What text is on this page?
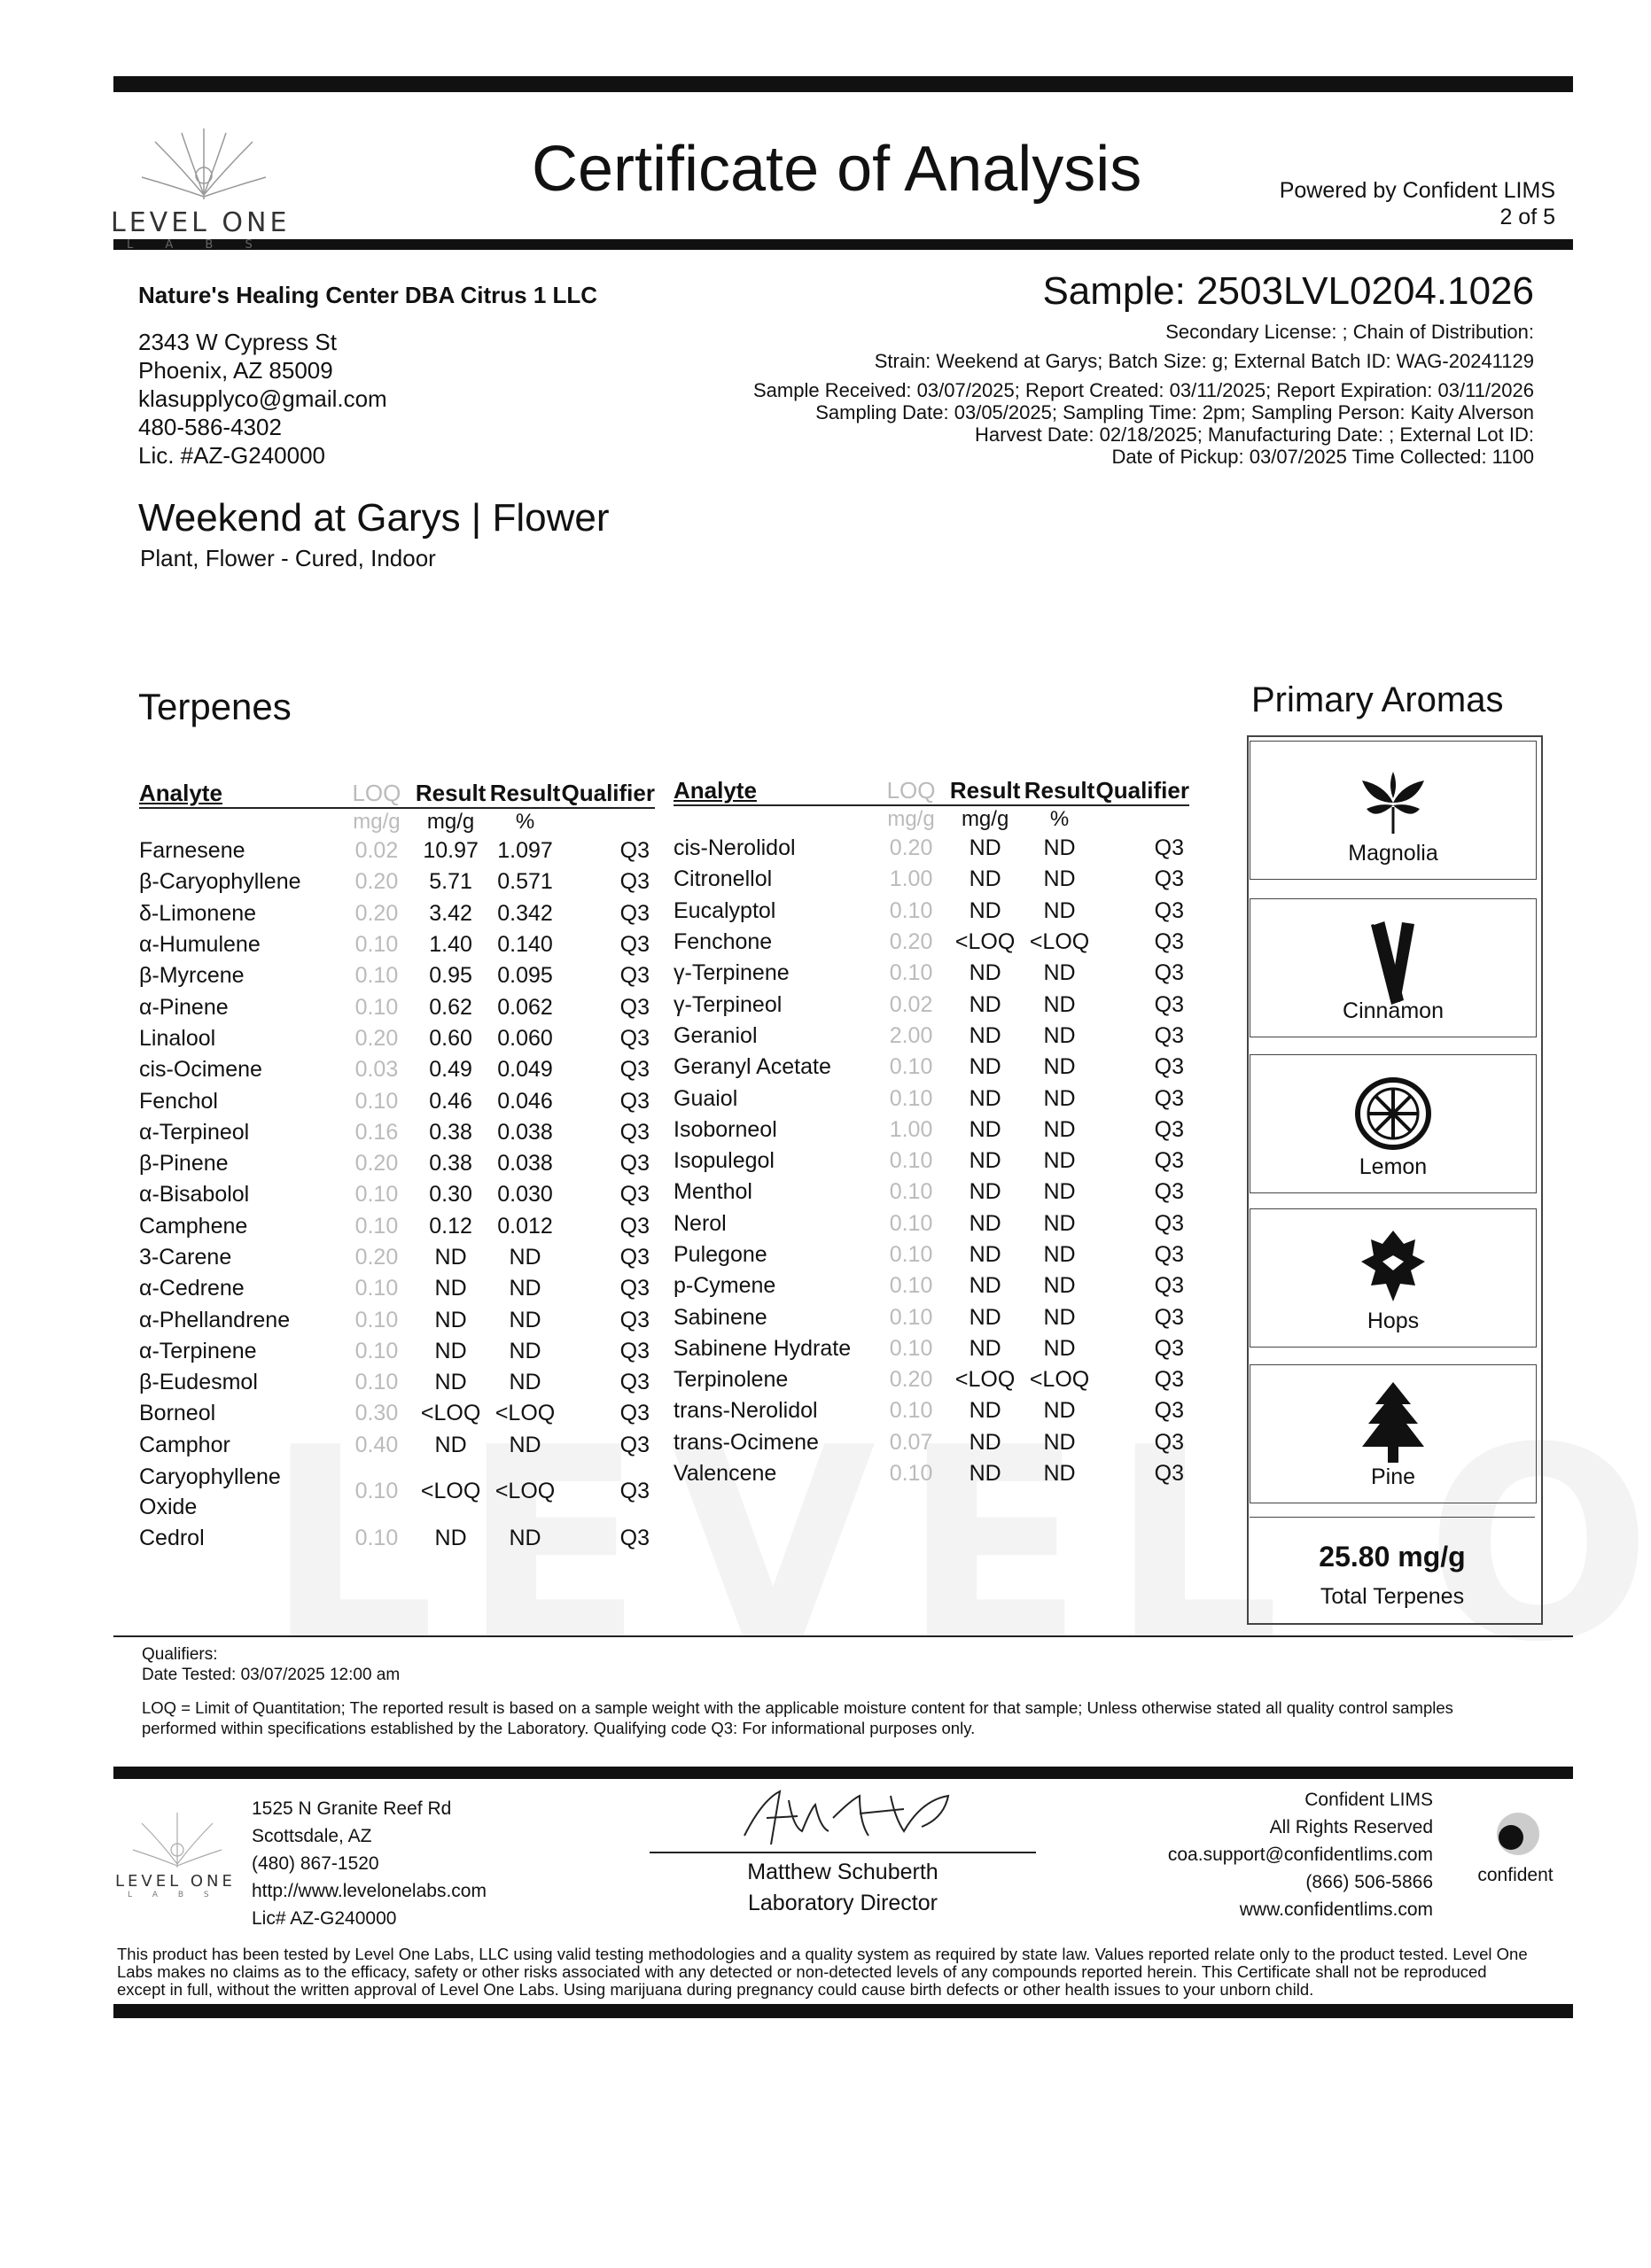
LEVEL ONE
L A B S
Certificate of Analysis	Powered by Confident LIMS
2 of 5
Nature's Healing Center DBA Citrus 1 LLC
2343 W Cypress St
Phoenix, AZ 85009
klasupplyco@gmail.com
480-586-4302
Lic. #AZ-G240000
Sample: 2503LVL0204.1026
Secondary License: ; Chain of Distribution:
Strain: Weekend at Garys; Batch Size: g; External Batch ID: WAG-20241129
Sample Received: 03/07/2025; Report Created: 03/11/2025; Report Expiration: 03/11/2026
Sampling Date: 03/05/2025; Sampling Time: 2pm; Sampling Person: Kaity Alverson
Harvest Date: 02/18/2025; Manufacturing Date: ; External Lot ID:
Date of Pickup: 03/07/2025 Time Collected: 1100
Weekend at Garys | Flower
Plant, Flower - Cured, Indoor
Terpenes	Primary Aromas
Analyte	LOQ	Result	Result	Qualifier
	mg/g	mg/g	%	
Farnesene	0.02	10.97	1.097	Q3
β-Caryophyllene	0.20	5.71	0.571	Q3
δ-Limonene	0.20	3.42	0.342	Q3
α-Humulene	0.10	1.40	0.140	Q3
β-Myrcene	0.10	0.95	0.095	Q3
α-Pinene	0.10	0.62	0.062	Q3
Linalool	0.20	0.60	0.060	Q3
cis-Ocimene	0.03	0.49	0.049	Q3
Fenchol	0.10	0.46	0.046	Q3
α-Terpineol	0.16	0.38	0.038	Q3
β-Pinene	0.20	0.38	0.038	Q3
α-Bisabolol	0.10	0.30	0.030	Q3
Camphene	0.10	0.12	0.012	Q3
3-Carene	0.20	ND	ND	Q3
α-Cedrene	0.10	ND	ND	Q3
α-Phellandrene	0.10	ND	ND	Q3
α-Terpinene	0.10	ND	ND	Q3
β-Eudesmol	0.10	ND	ND	Q3
Borneol	0.30	<LOQ	<LOQ	Q3
Camphor	0.40	ND	ND	Q3
Caryophyllene Oxide	0.10	<LOQ	<LOQ	Q3
Cedrol	0.10	ND	ND	Q3
Analyte	LOQ	Result	Result	Qualifier
	mg/g	mg/g	%	
cis-Nerolidol	0.20	ND	ND	Q3
Citronellol	1.00	ND	ND	Q3
Eucalyptol	0.10	ND	ND	Q3
Fenchone	0.20	<LOQ	<LOQ	Q3
γ-Terpinene	0.10	ND	ND	Q3
γ-Terpineol	0.02	ND	ND	Q3
Geraniol	2.00	ND	ND	Q3
Geranyl Acetate	0.10	ND	ND	Q3
Guaiol	0.10	ND	ND	Q3
Isoborneol	1.00	ND	ND	Q3
Isopulegol	0.10	ND	ND	Q3
Menthol	0.10	ND	ND	Q3
Nerol	0.10	ND	ND	Q3
Pulegone	0.10	ND	ND	Q3
p-Cymene	0.10	ND	ND	Q3
Sabinene	0.10	ND	ND	Q3
Sabinene Hydrate	0.10	ND	ND	Q3
Terpinolene	0.20	<LOQ	<LOQ	Q3
trans-Nerolidol	0.10	ND	ND	Q3
trans-Ocimene	0.07	ND	ND	Q3
Valencene	0.10	ND	ND	Q3
Magnolia
Cinnamon
Lemon
Hops
Pine
25.80 mg/g
Total Terpenes
Qualifiers:
Date Tested: 03/07/2025 12:00 am
LOQ = Limit of Quantitation; The reported result is based on a sample weight with the applicable moisture content for that sample; Unless otherwise stated all quality control samples
performed within specifications established by the Laboratory. Qualifying code Q3: For informational purposes only.
LEVEL ONE
L A B S
1525 N Granite Reef Rd
Scottsdale, AZ
(480) 867-1520
http://www.levelonelabs.com
Lic# AZ-G240000
Matthew Schuberth
Laboratory Director
Confident LIMS
All Rights Reserved
coa.support@confidentlims.com
(866) 506-5866
www.confidentlims.com
confident
This product has been tested by Level One Labs, LLC using valid testing methodologies and a quality system as required by state law. Values reported relate only to the product tested. Level One
Labs makes no claims as to the efficacy, safety or other risks associated with any detected or non-detected levels of any compounds reported herein. This Certificate shall not be reproduced
except in full, without the written approval of Level One Labs. Using marijuana during pregnancy could cause birth defects or other health issues to your unborn child.
